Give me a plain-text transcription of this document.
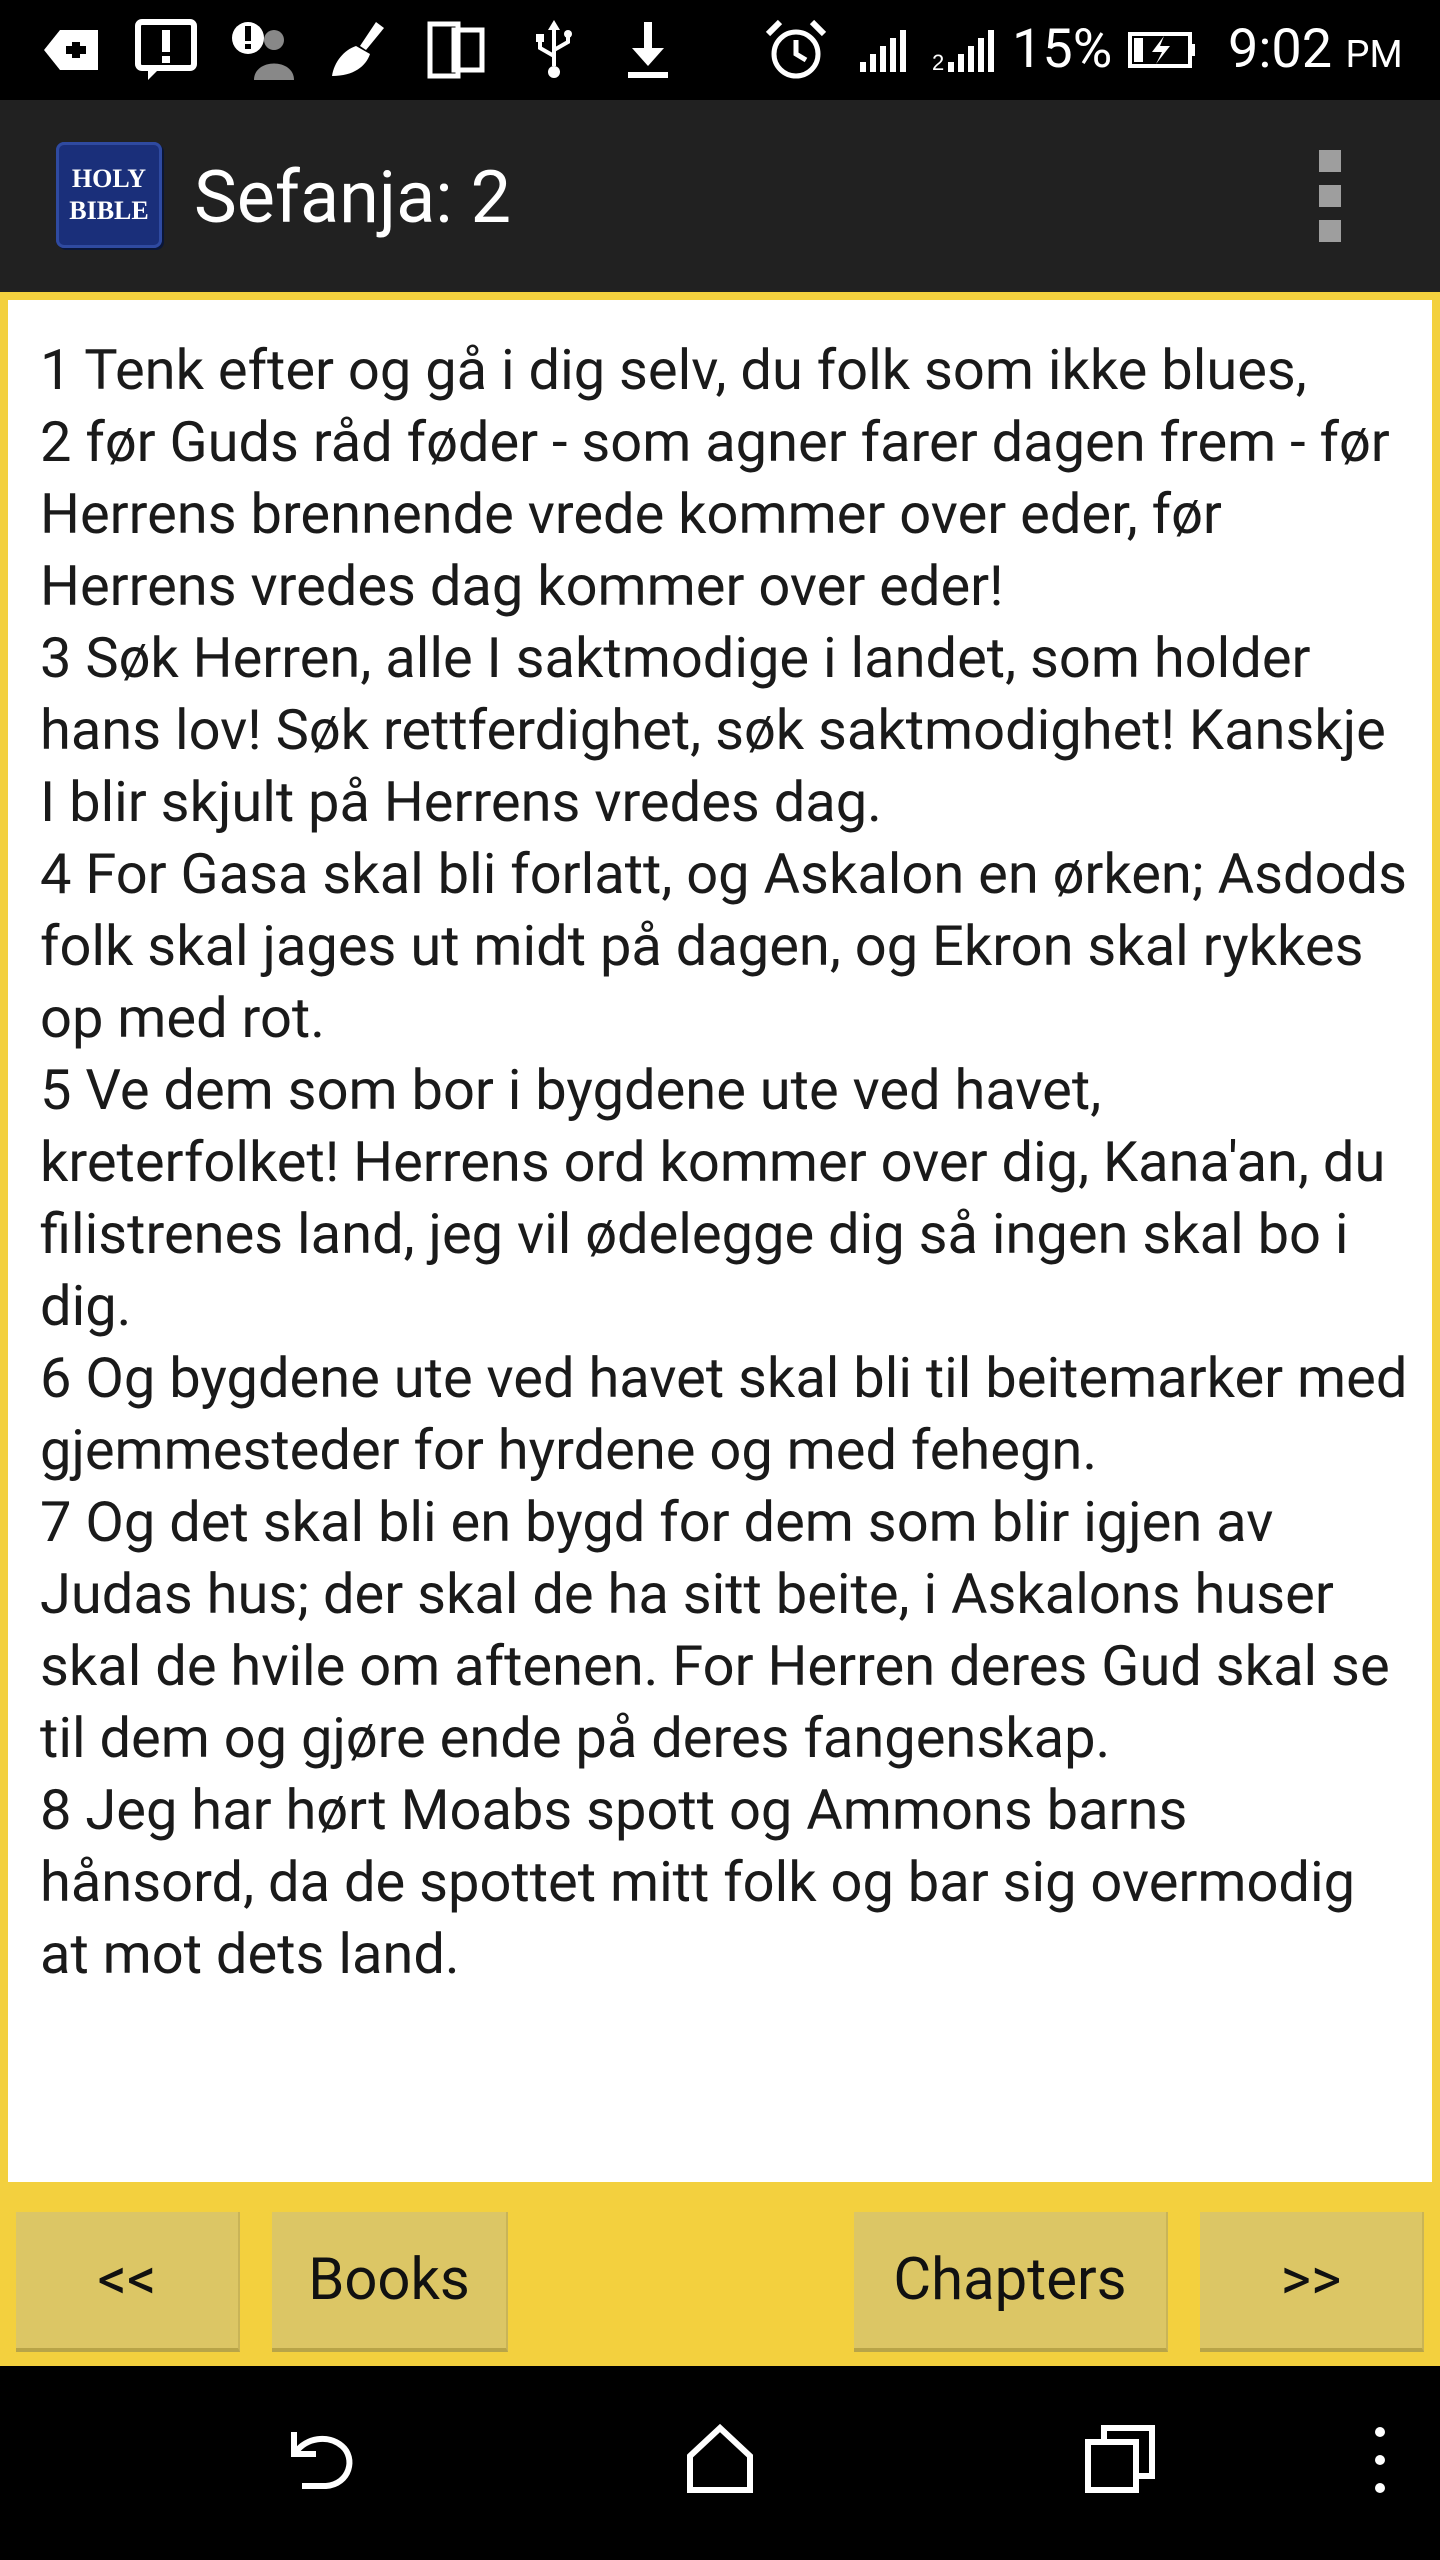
2 15% 9:02 PM
HOLY
BIBLE Sefanja: 2

1 Tenk efter og gå i dig selv, du folk som ikke blues,

2 før Guds råd føder - som agner farer dagen frem - før Herrens brennende vrede kommer over eder, før Herrens vredes dag kommer over eder!

3 Søk Herren, alle I saktmodige i landet, som holder hans lov! Søk rettferdighet, søk saktmodighet! Kanskje I blir skjult på Herrens vredes dag.

4 For Gasa skal bli forlatt, og Askalon en ørken; Asdods folk skal jages ut midt på dagen, og Ekron skal rykkes op med rot.

5 Ve dem som bor i bygdene ute ved havet, kreterfolket! Herrens ord kommer over dig, Kana'an, du filistrenes land, jeg vil ødelegge dig så ingen skal bo i dig.

6 Og bygdene ute ved havet skal bli til beitemarker med gjemmesteder for hyrdene og med fehegn.

7 Og det skal bli en bygd for dem som blir igjen av Judas hus; der skal de ha sitt beite, i Askalons huser skal de hvile om aftenen. For Herren deres Gud skal se til dem og gjøre ende på deres fangenskap.

8 Jeg har hørt Moabs spott og Ammons barns hånsord, da de spottet mitt folk og bar sig overmodig at mot dets land.

<<	Books	Chapters	>>
